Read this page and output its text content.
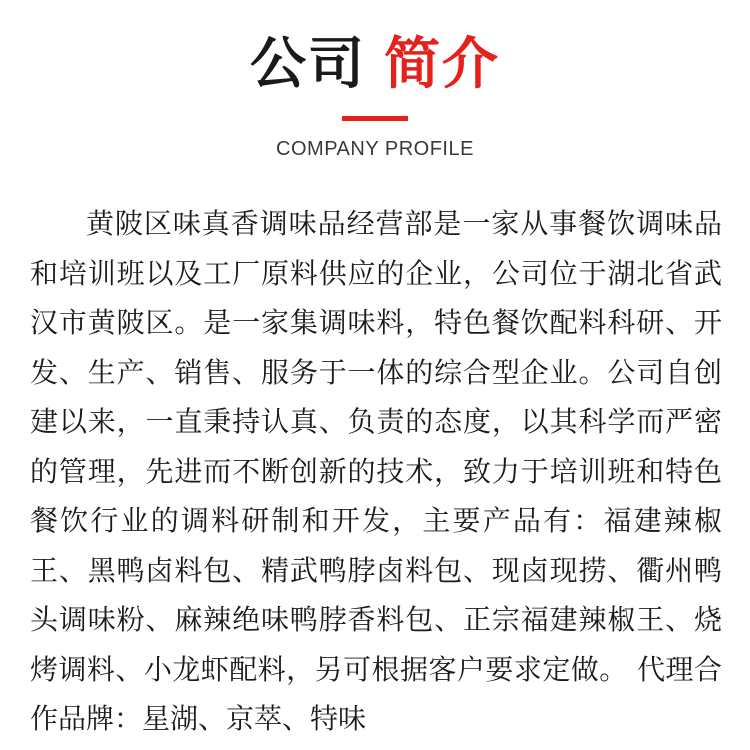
公司 简介
COMPANY PROFILE

黄陂区味真香调味品经营部是一家从事餐饮调味品和培训班以及工厂原料供应的企业，公司位于湖北省武汉市黄陂区。是一家集调味料，特色餐饮配料科研、开发、生产、销售、服务于一体的综合型企业。公司自创建以来，一直秉持认真、负责的态度，以其科学而严密的管理，先进而不断创新的技术，致力于培训班和特色餐饮行业的调料研制和开发，主要产品有：福建辣椒王、黑鸭卤料包、精武鸭脖卤料包、现卤现捞、衢州鸭头调味粉、麻辣绝味鸭脖香料包、正宗福建辣椒王、烧烤调料、小龙虾配料，另可根据客户要求定做。 代理合作品牌：星湖、京萃、特味
